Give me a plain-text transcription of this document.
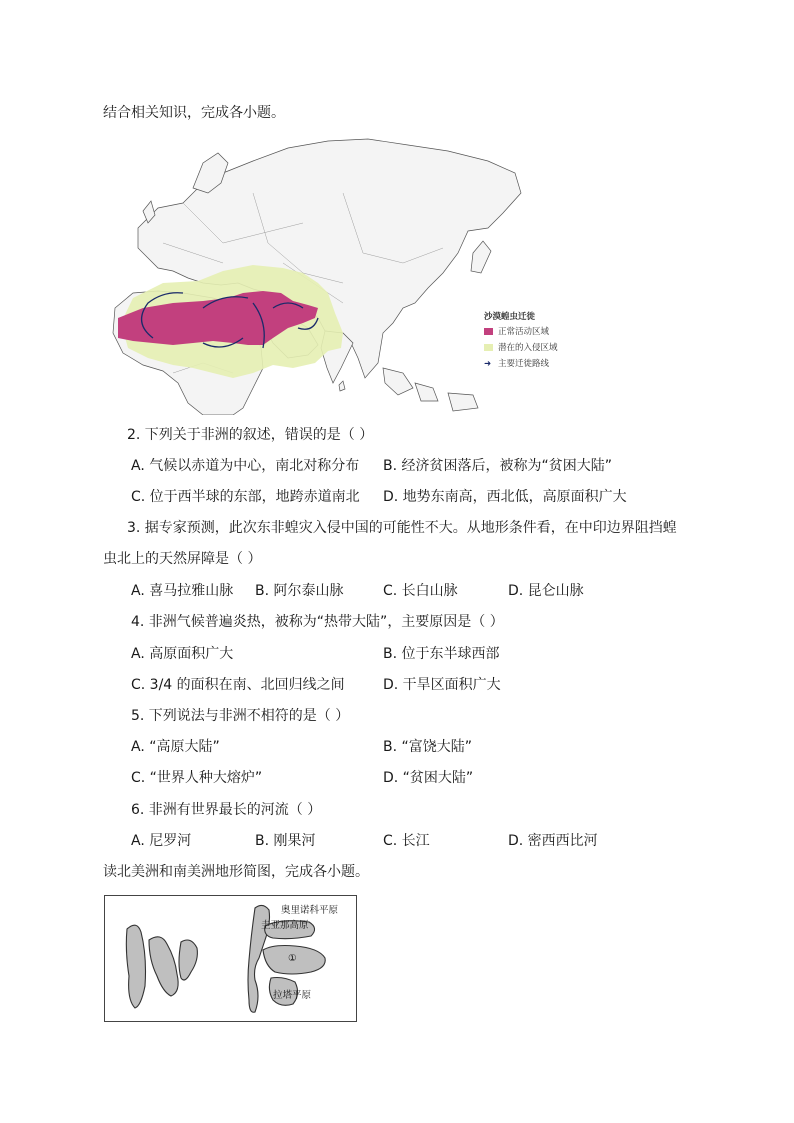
结合相关知识，完成各小题。
沙漠蝗虫迁徙
正常活动区域
潜在的入侵区域
➜ 主要迁徙路线
2. 下列关于非洲的叙述，错误的是（ ）
A. 气候以赤道为中心，南北对称分布 B. 经济贫困落后，被称为“贫困大陆”
C. 位于西半球的东部，地跨赤道南北 D. 地势东南高，西北低，高原面积广大
3. 据专家预测，此次东非蝗灾入侵中国的可能性不大。从地形条件看，在中印边界阻挡蝗
虫北上的天然屏障是（ ）
A. 喜马拉雅山脉 B. 阿尔泰山脉	C. 长白山脉	D. 昆仑山脉
4. 非洲气候普遍炎热，被称为“热带大陆”，主要原因是（ ）
A. 高原面积广大	B. 位于东半球西部
C. 3/4 的面积在南、北回归线之间	D. 干旱区面积广大
5. 下列说法与非洲不相符的是（ ）
A. “高原大陆”	B. “富饶大陆”
C. “世界人种大熔炉”	D. “贫困大陆”
6. 非洲有世界最长的河流（ ）
A. 尼罗河	B. 刚果河	C. 长江	D. 密西西比河
读北美洲和南美洲地形简图，完成各小题。
奥里诺科平原
圭亚那高原
①
拉塔平原
